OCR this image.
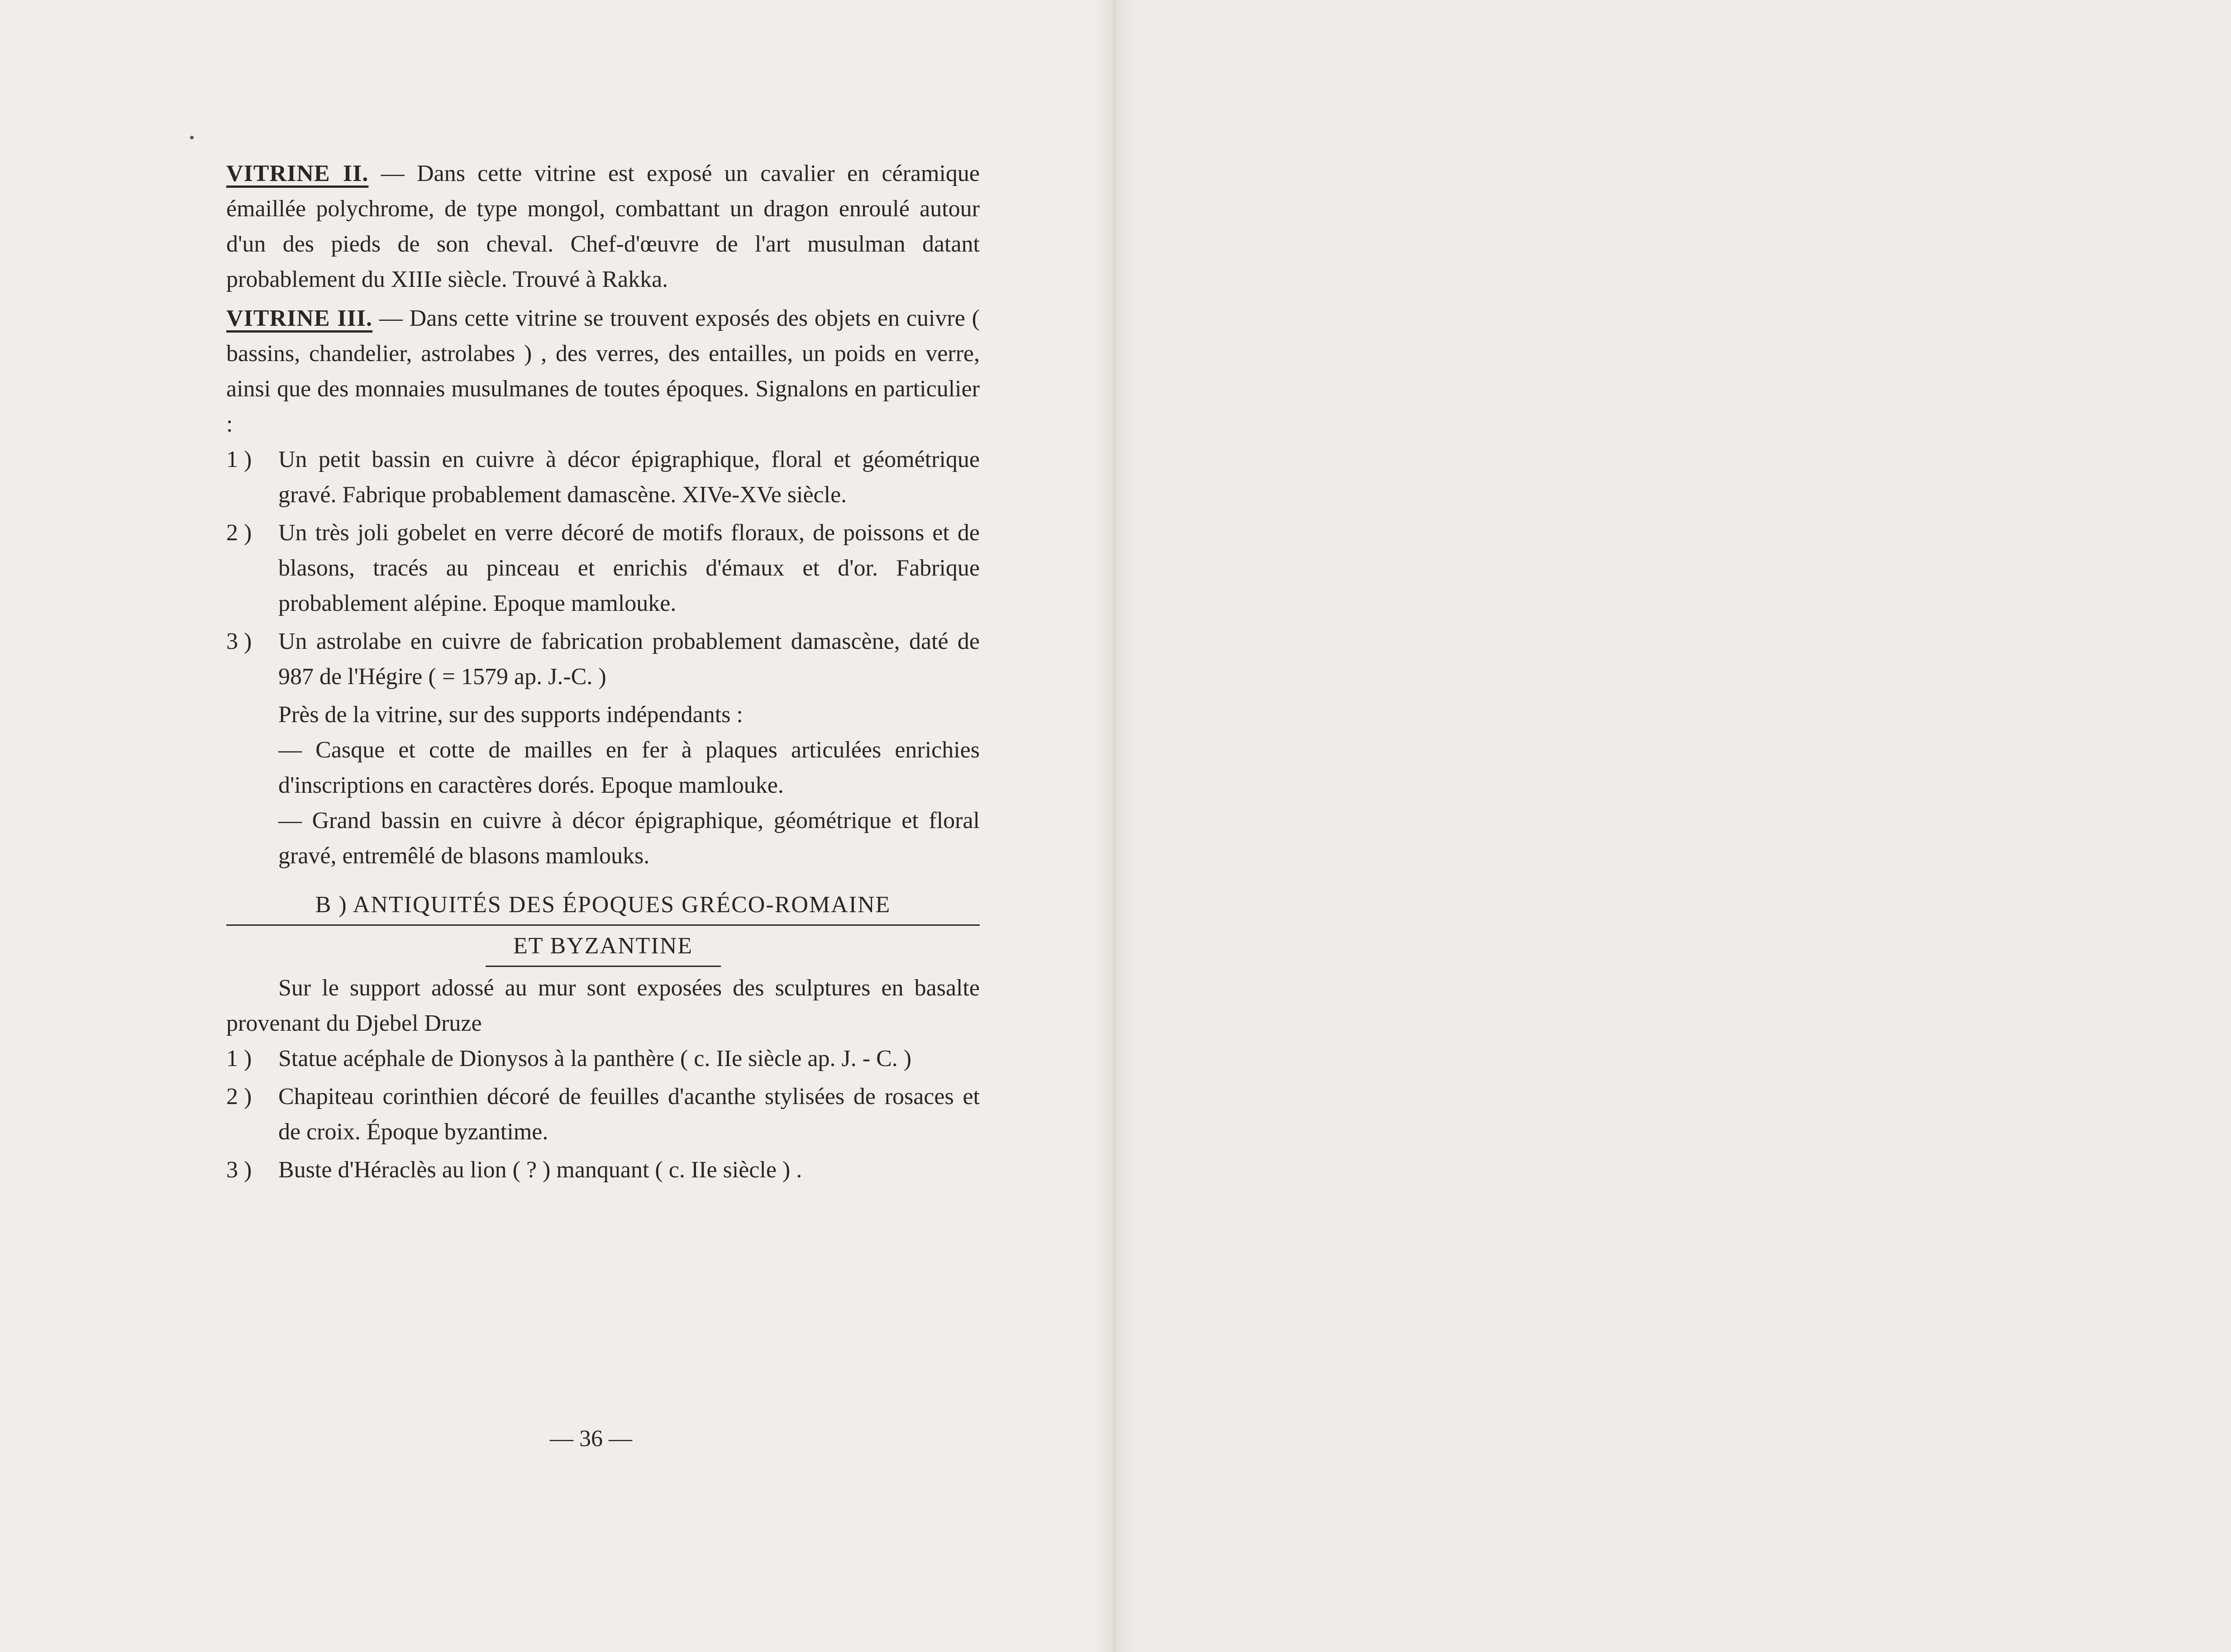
VITRINE II. — Dans cette vitrine est exposé un cavalier en céramique émaillée polychrome, de type mongol, combattant un dragon enroulé autour d'un des pieds de son cheval. Chef-d'œuvre de l'art musulman datant probablement du XIIIe siècle. Trouvé à Rakka.

VITRINE III. — Dans cette vitrine se trouvent exposés des objets en cuivre ( bassins, chandelier, astrolabes ) , des verres, des entailles, un poids en verre, ainsi que des monnaies musulmanes de toutes époques. Signalons en particulier :

1 )	Un petit bassin en cuivre à décor épigraphique, floral et géométrique gravé. Fabrique probablement damascène. XIVe-XVe siècle.
2 )	Un très joli gobelet en verre décoré de motifs floraux, de poissons et de blasons, tracés au pinceau et enrichis d'émaux et d'or. Fabrique probablement alépine. Epoque mamlouke.
3 )	Un astrolabe en cuivre de fabrication probablement damascène, daté de 987 de l'Hégire ( = 1579 ap. J.-C. )

Près de la vitrine, sur des supports indépendants :

— Casque et cotte de mailles en fer à plaques articulées enrichies d'inscriptions en caractères dorés. Epoque mamlouke.

— Grand bassin en cuivre à décor épigraphique, géométrique et floral gravé, entremêlé de blasons mamlouks.

B ) ANTIQUITÉS DES ÉPOQUES GRÉCO-ROMAINE
ET BYZANTINE

Sur le support adossé au mur sont exposées des sculptures en basalte provenant du Djebel Druze

1 )	Statue acéphale de Dionysos à la panthère ( c. IIe siècle ap. J. - C. )
2 )	Chapiteau corinthien décoré de feuilles d'acanthe stylisées de rosaces et de croix. Époque byzantime.
3 )	Buste d'Héraclès au lion ( ? ) manquant ( c. IIe siècle ) .
— 36 —
